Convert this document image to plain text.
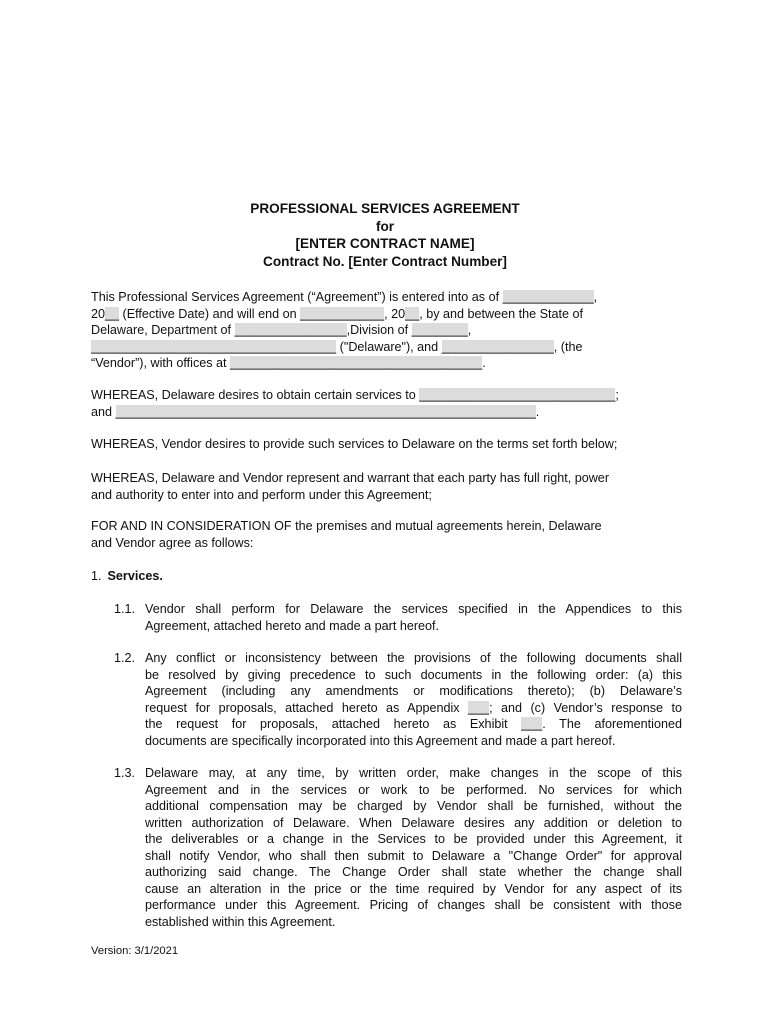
PROFESSIONAL SERVICES AGREEMENT
for
[ENTER CONTRACT NAME]
Contract No. [Enter Contract Number]
This Professional Services Agreement (“Agreement”) is entered into as of _____________,
20__ (Effective Date) and will end on ____________, 20__, by and between the State of
Delaware, Department of ________________,Division of ________,
___________________________________ ("Delaware"), and ________________, (the
“Vendor”), with offices at ____________________________________.
WHEREAS, Delaware desires to obtain certain services to ____________________________;
and ____________________________________________________________.
WHEREAS, Vendor desires to provide such services to Delaware on the terms set forth below;
WHEREAS, Delaware and Vendor represent and warrant that each party has full right, power
and authority to enter into and perform under this Agreement;
FOR AND IN CONSIDERATION OF the premises and mutual agreements herein, Delaware
and Vendor agree as follows:
1. Services.
1.1. Vendor shall perform for Delaware the services specified in the Appendices to this
Agreement, attached hereto and made a part hereof.
1.2. Any conflict or inconsistency between the provisions of the following documents shall
be resolved by giving precedence to such documents in the following order: (a) this
Agreement (including any amendments or modifications thereto); (b) Delaware’s
request for proposals, attached hereto as Appendix ___; and (c) Vendor’s response to
the request for proposals, attached hereto as Exhibit ___. The aforementioned
documents are specifically incorporated into this Agreement and made a part hereof.
1.3. Delaware may, at any time, by written order, make changes in the scope of this
Agreement and in the services or work to be performed. No services for which
additional compensation may be charged by Vendor shall be furnished, without the
written authorization of Delaware. When Delaware desires any addition or deletion to
the deliverables or a change in the Services to be provided under this Agreement, it
shall notify Vendor, who shall then submit to Delaware a "Change Order" for approval
authorizing said change. The Change Order shall state whether the change shall
cause an alteration in the price or the time required by Vendor for any aspect of its
performance under this Agreement. Pricing of changes shall be consistent with those
established within this Agreement.
Version: 3/1/2021
